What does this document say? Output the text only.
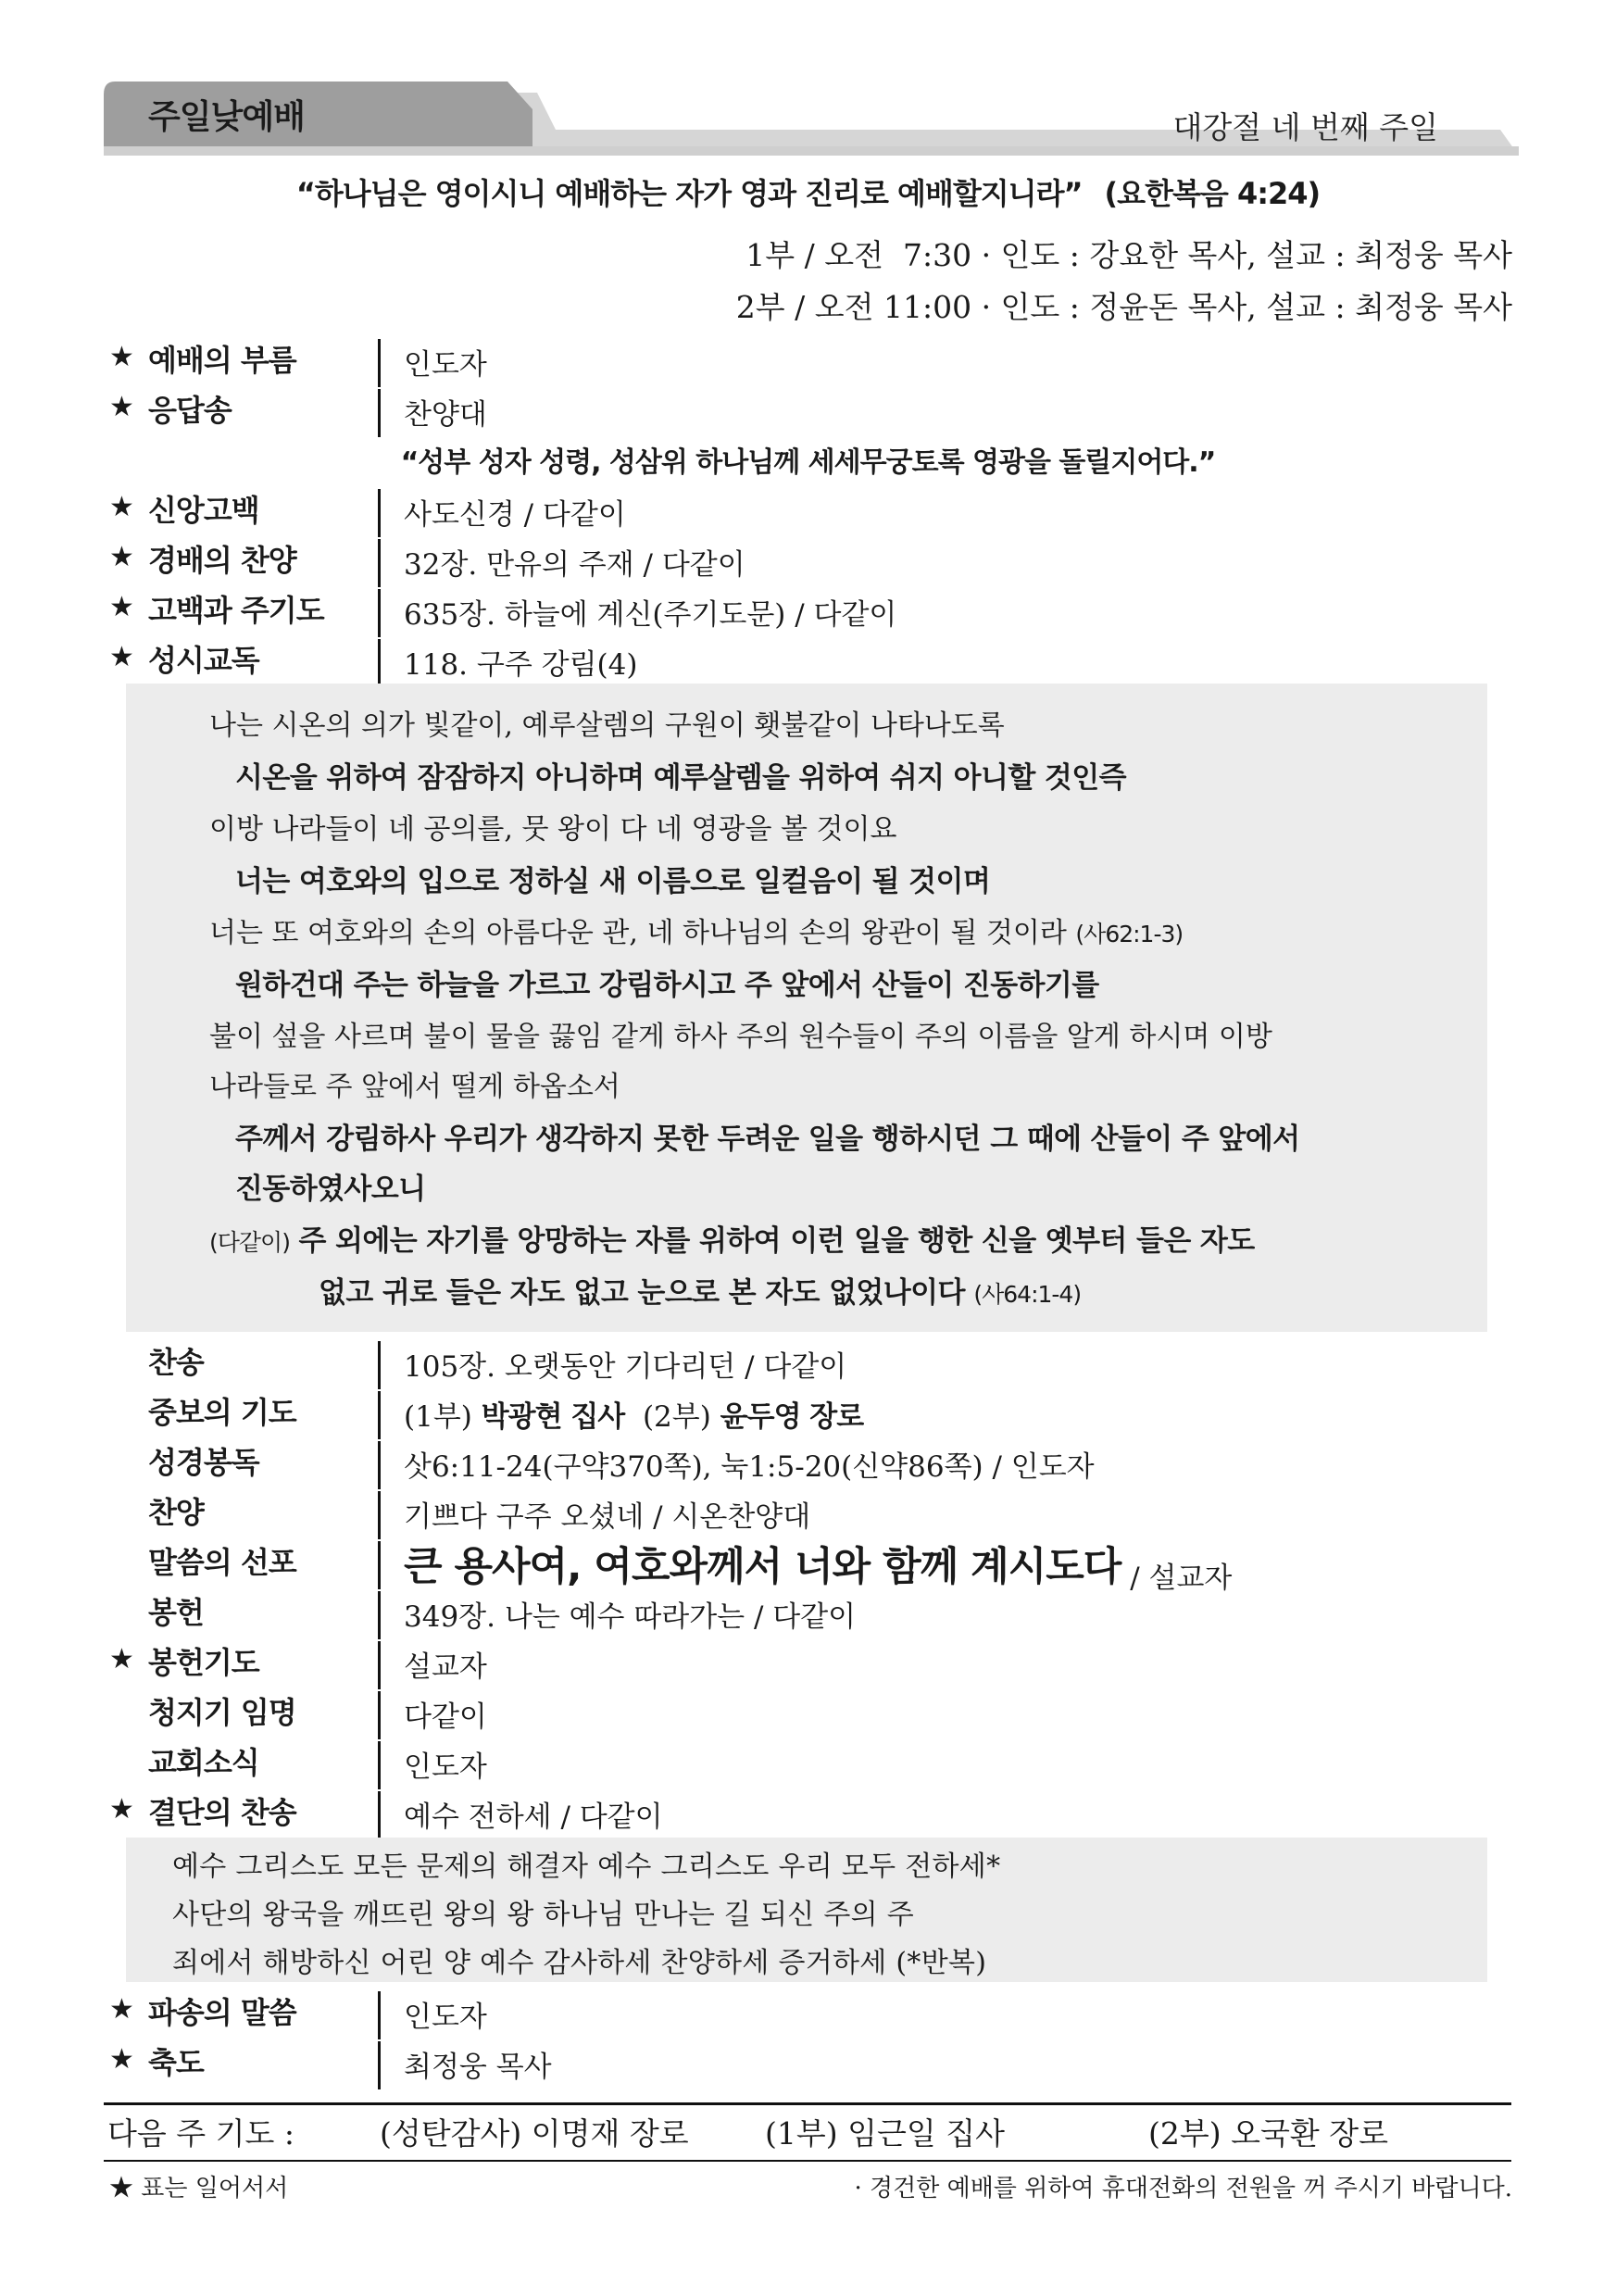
주일낮예배	대강절 네 번째 주일
“하나님은 영이시니 예배하는 자가 영과 진리로 예배할지니라” (요한복음 4:24)
1부 / 오전  7:30 · 인도 : 강요한 목사, 설교 : 최정웅 목사
2부 / 오전 11:00 · 인도 : 정윤돈 목사, 설교 : 최정웅 목사
★ 예배의 부름	인도자
★ 응답송	찬양대
“성부 성자 성령, 성삼위 하나님께 세세무궁토록 영광을 돌릴지어다.”
★ 신앙고백	사도신경 / 다같이
★ 경배의 찬양	32장. 만유의 주재 / 다같이
★ 고백과 주기도	635장. 하늘에 계신(주기도문) / 다같이
★ 성시교독	118. 구주 강림(4)
나는 시온의 의가 빛같이, 예루살렘의 구원이 횃불같이 나타나도록
시온을 위하여 잠잠하지 아니하며 예루살렘을 위하여 쉬지 아니할 것인즉
이방 나라들이 네 공의를, 뭇 왕이 다 네 영광을 볼 것이요
너는 여호와의 입으로 정하실 새 이름으로 일컬음이 될 것이며
너는 또 여호와의 손의 아름다운 관, 네 하나님의 손의 왕관이 될 것이라 (사62:1-3)
원하건대 주는 하늘을 가르고 강림하시고 주 앞에서 산들이 진동하기를
불이 섶을 사르며 불이 물을 끓임 같게 하사 주의 원수들이 주의 이름을 알게 하시며 이방
나라들로 주 앞에서 떨게 하옵소서
주께서 강림하사 우리가 생각하지 못한 두려운 일을 행하시던 그 때에 산들이 주 앞에서
진동하였사오니
(다같이) 주 외에는 자기를 앙망하는 자를 위하여 이런 일을 행한 신을 옛부터 들은 자도
없고 귀로 들은 자도 없고 눈으로 본 자도 없었나이다 (사64:1-4)
찬송	105장. 오랫동안 기다리던 / 다같이
중보의 기도	(1부) 박광현 집사  (2부) 윤두영 장로
성경봉독	삿6:11-24(구약370쪽), 눅1:5-20(신약86쪽) / 인도자
찬양	기쁘다 구주 오셨네 / 시온찬양대
말씀의 선포	큰 용사여, 여호와께서 너와 함께 계시도다 / 설교자
봉헌	349장. 나는 예수 따라가는 / 다같이
★ 봉헌기도	설교자
청지기 임명	다같이
교회소식	인도자
★ 결단의 찬송	예수 전하세 / 다같이
예수 그리스도 모든 문제의 해결자 예수 그리스도 우리 모두 전하세*
사단의 왕국을 깨뜨린 왕의 왕 하나님 만나는 길 되신 주의 주
죄에서 해방하신 어린 양 예수 감사하세 찬양하세 증거하세 (*반복)
★ 파송의 말씀	인도자
★ 축도	최정웅 목사
다음 주 기도 :	(성탄감사) 이명재 장로 (1부) 임근일 집사	(2부) 오국환 장로
★ 표는 일어서서	· 경건한 예배를 위하여 휴대전화의 전원을 꺼 주시기 바랍니다.
